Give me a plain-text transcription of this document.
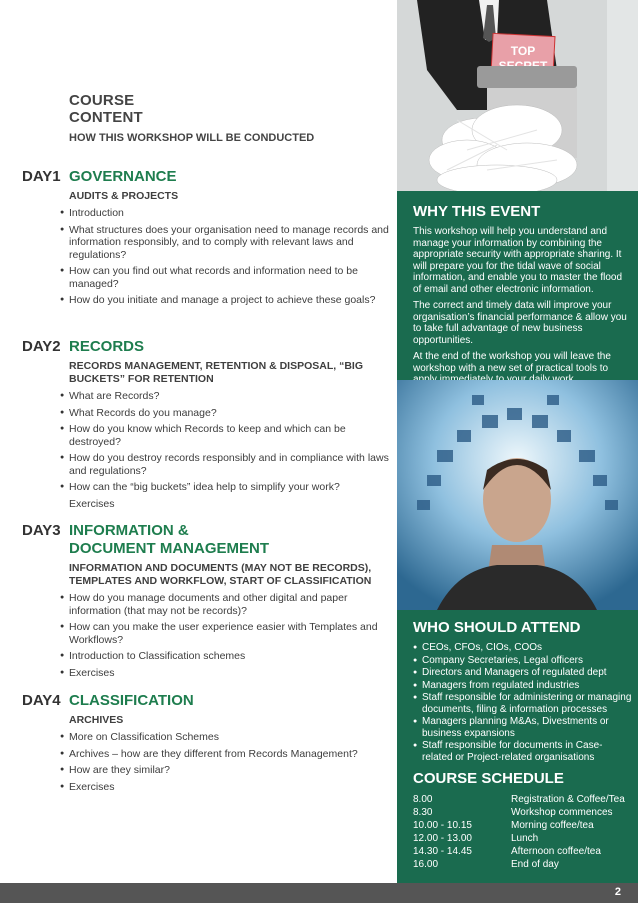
COURSE
CONTENT
HOW THIS WORKSHOP WILL BE CONDUCTED
DAY1 GOVERNANCE
AUDITS & PROJECTS
● Introduction
● What structures does your organisation need to manage records and information responsibly, and to comply with relevant laws and regulations?
● How can you find out what records and information need to be managed?
● How do you initiate and manage a project to achieve these goals?
DAY2 RECORDS
RECORDS MANAGEMENT, RETENTION & DISPOSAL, “BIG BUCKETS” FOR RETENTION
● What are Records?
● What Records do you manage?
● How do you know which Records to keep and which can be destroyed?
● How do you destroy records responsibly and in compliance with laws and regulations?
● How can the “big buckets” idea help to simplify your work?
Exercises
DAY3 INFORMATION &
DOCUMENT MANAGEMENT
INFORMATION AND DOCUMENTS (MAY NOT BE RECORDS), TEMPLATES AND WORKFLOW, START OF CLASSIFICATION
● How do you manage documents and other digital and paper information (that may not be records)?
● How can you make the user experience easier with Templates and Workflows?
● Introduction to Classification schemes
● Exercises
DAY4 CLASSIFICATION
ARCHIVES
● More on Classification Schemes
● Archives – how are they different from Records Management?
● How are they similar?
● Exercises
TOP
WHY THIS EVENT

This workshop will help you understand and manage your information by combining the appropriate security with appropriate sharing. It will prepare you for the tidal wave of social information, and enable you to master the flood of email and other electronic information.

The correct and timely data will improve your organisation’s financial performance & allow you to take full advantage of new business opportunities.

At the end of the workshop you will leave the workshop with a new set of practical tools to

WHO SHOULD ATTEND
● CEOs, CFOs, CIOs, COOs
● Company Secretaries, Legal officers
● Directors and Managers of regulated dept
● Managers from regulated industries
● Staff responsible for administering or managing documents, filing & information processes
● Managers planning M&As, Divestments or business expansions
● Staff responsible for documents in Case-related or Project-related organisations
COURSE SCHEDULE
8.00	Registration & Coffee/Tea
8.30	Workshop commences
10.00 - 10.15	Morning coffee/tea
12.00 - 13.00	Lunch
14.30 - 14.45	Afternoon coffee/tea
16.00	End of day
2
